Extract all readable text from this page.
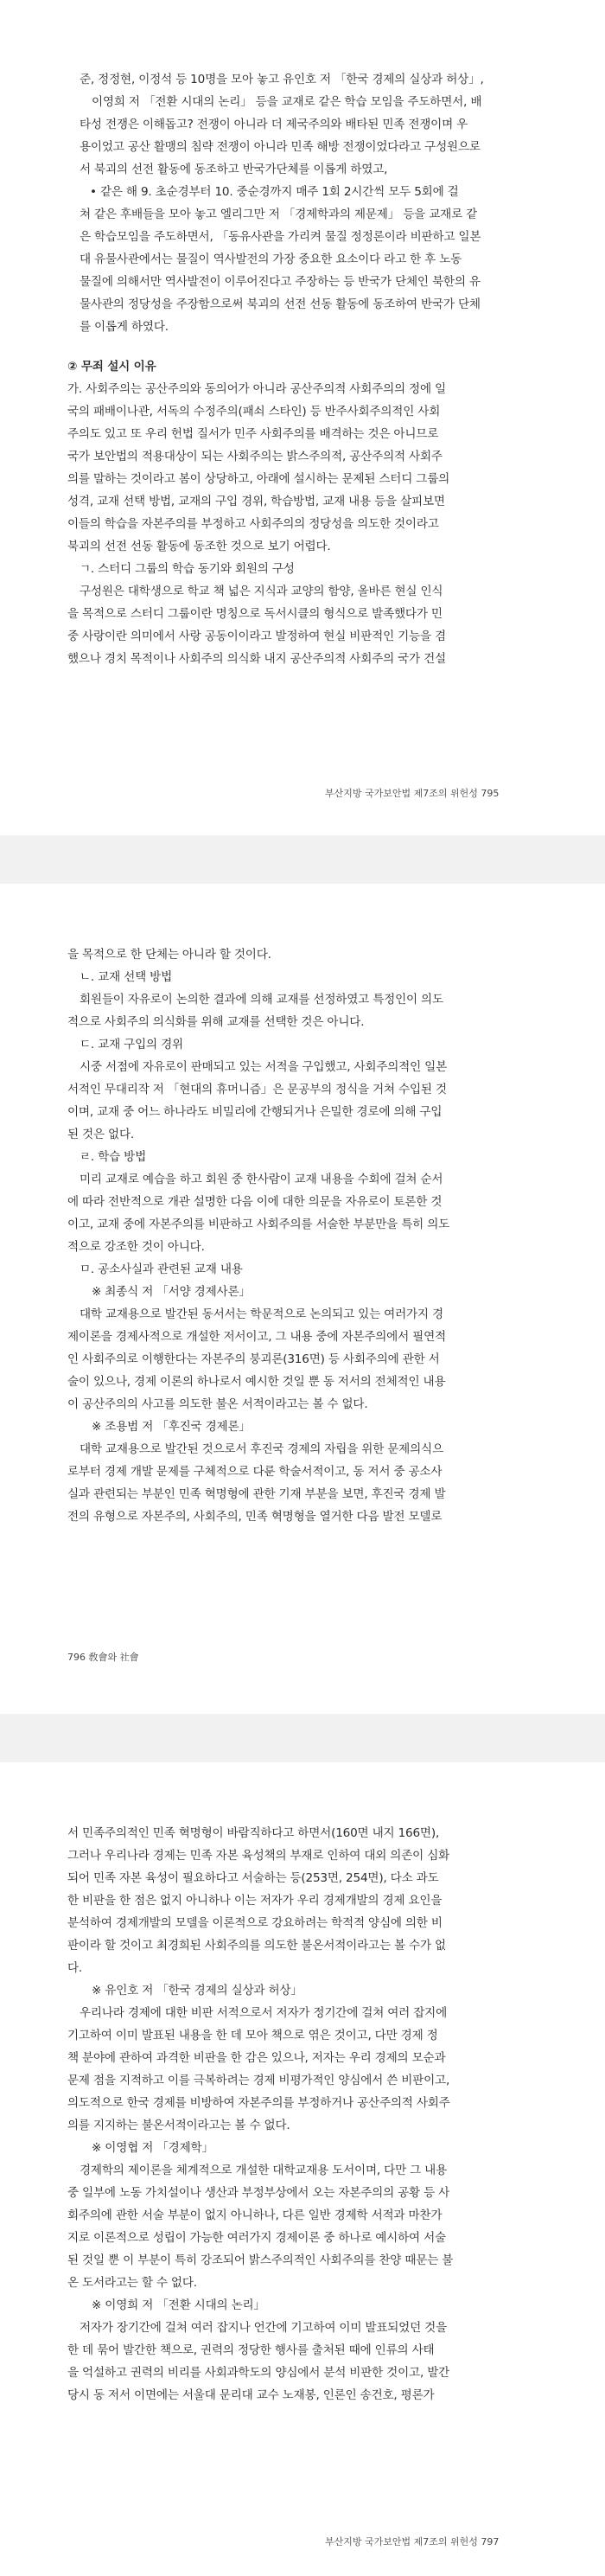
준, 정정현, 이정석 등 10명을 모아 놓고 유인호 저 「한국 경제의 실상과 허상」,
이영희 저 「전환 시대의 논리」 등을 교재로 같은 학습 모임을 주도하면서, 배
타성 전쟁은 이해돕고? 전쟁이 아니라 더 제국주의와 배타된 민족 전쟁이며 우
용이었고 공산 활맹의 침략 전쟁이 아니라 민족 해방 전쟁이었다라고 구성원으로
서 북괴의 선전 활동에 동조하고 반국가단체를 이롭게 하였고,
• 같은 해 9. 초순경부터 10. 중순경까지 매주 1회 2시간씩 모두 5회에 걸
쳐 같은 후배들을 모아 놓고 엘리그만 저 「경제학과의 제문제」 등을 교재로 같
은 학습모임을 주도하면서, 「동유사관을 가리켜 물질 정정론이라 비판하고 일본
대 유물사관에서는 물질이 역사발전의 가장 중요한 요소이다 라고 한 후 노동
물질에 의해서만 역사발전이 이루어진다고 주장하는 등 반국가 단체인 북한의 유
물사관의 정당성을 주장함으로써 북괴의 선전 선동 활동에 동조하여 반국가 단체
를 이롭게 하였다.
② 무죄 설시 이유
가. 사회주의는 공산주의와 동의어가 아니라 공산주의적 사회주의의 정에 일
국의 패배이나관, 서독의 수정주의(패쇠 스타인) 등 반주사회주의적인 사회
주의도 있고 또 우리 헌법 질서가 민주 사회주의를 배격하는 것은 아니므로
국가 보안법의 적용대상이 되는 사회주의는 밝스주의적, 공산주의적 사회주
의를 말하는 것이라고 봄이 상당하고, 아래에 설시하는 문제된 스터디 그룹의
성격, 교재 선택 방법, 교재의 구입 경위, 학습방법, 교재 내용 등을 살피보면
이들의 학습을 자본주의를 부정하고 사회주의의 정당성을 의도한 것이라고
북괴의 선전 선동 활동에 동조한 것으로 보기 어렵다.
ㄱ. 스터디 그룹의 학습 동기와 회원의 구성
구성원은 대학생으로 학교 책 넓은 지식과 교양의 함양, 올바른 현실 인식
을 목적으로 스터디 그룹이란 명칭으로 독서시클의 형식으로 발족했다가 민
중 사랑이란 의미에서 사랑 공동이이라고 발정하여 현실 비판적인 기능을 겸
했으나 경치 목적이나 사회주의 의식화 내지 공산주의적 사회주의 국가 건설
부산지방 국가보안법 제7조의 위헌성 795
을 목적으로 한 단체는 아니라 할 것이다.
ㄴ. 교재 선택 방법
회원들이 자유로이 논의한 결과에 의해 교재를 선정하였고 특정인이 의도
적으로 사회주의 의식화를 위해 교재를 선택한 것은 아니다.
ㄷ. 교재 구입의 경위
시중 서점에 자유로이 판매되고 있는 서적을 구입했고, 사회주의적인 일본
서적인 무대리작 저 「현대의 휴머니즘」은 문공부의 정식을 거쳐 수입된 것
이며, 교재 중 어느 하나라도 비밀리에 간행되거나 은밀한 경로에 의해 구입
된 것은 없다.
ㄹ. 학습 방법
미리 교재로 예습을 하고 회원 중 한사람이 교재 내용을 수회에 걸쳐 순서
에 따라 전반적으로 개관 설명한 다음 이에 대한 의문을 자유로이 토론한 것
이고, 교재 중에 자본주의를 비판하고 사회주의를 서술한 부분만을 특히 의도
적으로 강조한 것이 아니다.
ㅁ. 공소사실과 관련된 교재 내용
※ 최종식 저 「서양 경제사론」
대학 교재용으로 발간된 동서서는 학문적으로 논의되고 있는 여러가지 경
제이론을 경제사적으로 개설한 저서이고, 그 내용 중에 자본주의에서 필연적
인 사회주의로 이행한다는 자본주의 붕괴론(316면) 등 사회주의에 관한 서
술이 있으나, 경제 이론의 하나로서 예시한 것일 뿐 동 저서의 전체적인 내용
이 공산주의의 사고를 의도한 불온 서적이라고는 볼 수 없다.
※ 조용범 저 「후진국 경제론」
대학 교재용으로 발간된 것으로서 후진국 경제의 자립을 위한 문제의식으
로부터 경제 개발 문제를 구체적으로 다룬 학술서적이고, 동 저서 중 공소사
실과 관련되는 부분인 민족 혁명형에 관한 기재 부분을 보면, 후진국 경제 발
전의 유형으로 자본주의, 사회주의, 민족 혁명형을 열거한 다음 발전 모델로
796 敎會와 社會
서 민족주의적인 민족 혁명형이 바람직하다고 하면서(160면 내지 166면),
그러나 우리나라 경제는 민족 자본 육성책의 부재로 인하여 대외 의존이 심화
되어 민족 자본 육성이 필요하다고 서술하는 등(253면, 254면), 다소 과도
한 비판을 한 점은 없지 아니하나 이는 저자가 우리 경제개발의 경제 요인을
분석하여 경제개발의 모델을 이론적으로 강요하려는 학적적 양심에 의한 비
판이라 할 것이고 최경희된 사회주의를 의도한 불온서적이라고는 볼 수가 없
다.
※ 유인호 저 「한국 경제의 실상과 허상」
우리나라 경제에 대한 비판 서적으로서 저자가 정기간에 걸쳐 여러 잡지에
기고하여 이미 발표된 내용을 한 데 모아 책으로 엮은 것이고, 다만 경제 정
책 분야에 관하여 과격한 비판을 한 감은 있으나, 저자는 우리 경제의 모순과
문제 점을 지적하고 이를 극복하려는 경제 비평가적인 양심에서 쓴 비판이고,
의도적으로 한국 경제를 비방하여 자본주의를 부정하거나 공산주의적 사회주
의를 지지하는 불온서적이라고는 볼 수 없다.
※ 이영협 저 「경제학」
경제학의 제이론을 체계적으로 개설한 대학교재용 도서이며, 다만 그 내용
중 일부에 노동 가치설이나 생산과 부정부상에서 오는 자본주의의 공황 등 사
회주의에 관한 서술 부분이 없지 아니하나, 다른 일반 경제학 서적과 마찬가
지로 이론적으로 성립이 가능한 여러가지 경제이론 중 하나로 예시하여 서술
된 것일 뿐 이 부분이 특히 강조되어 밝스주의적인 사회주의를 찬양 때문는 불
온 도서라고는 할 수 없다.
※ 이영희 저 「전환 시대의 논리」
저자가 장기간에 걸쳐 여러 잡지나 언간에 기고하여 이미 발표되었던 것을
한 데 묶어 발간한 책으로, 권력의 정당한 행사를 출처된 때에 인류의 사태
을 억설하고 권력의 비리를 사회과학도의 양심에서 분석 비판한 것이고, 발간
당시 동 저서 이면에는 서울대 문리대 교수 노재봉, 인론인 송건호, 평론가
부산지방 국가보안법 제7조의 위헌성 797
